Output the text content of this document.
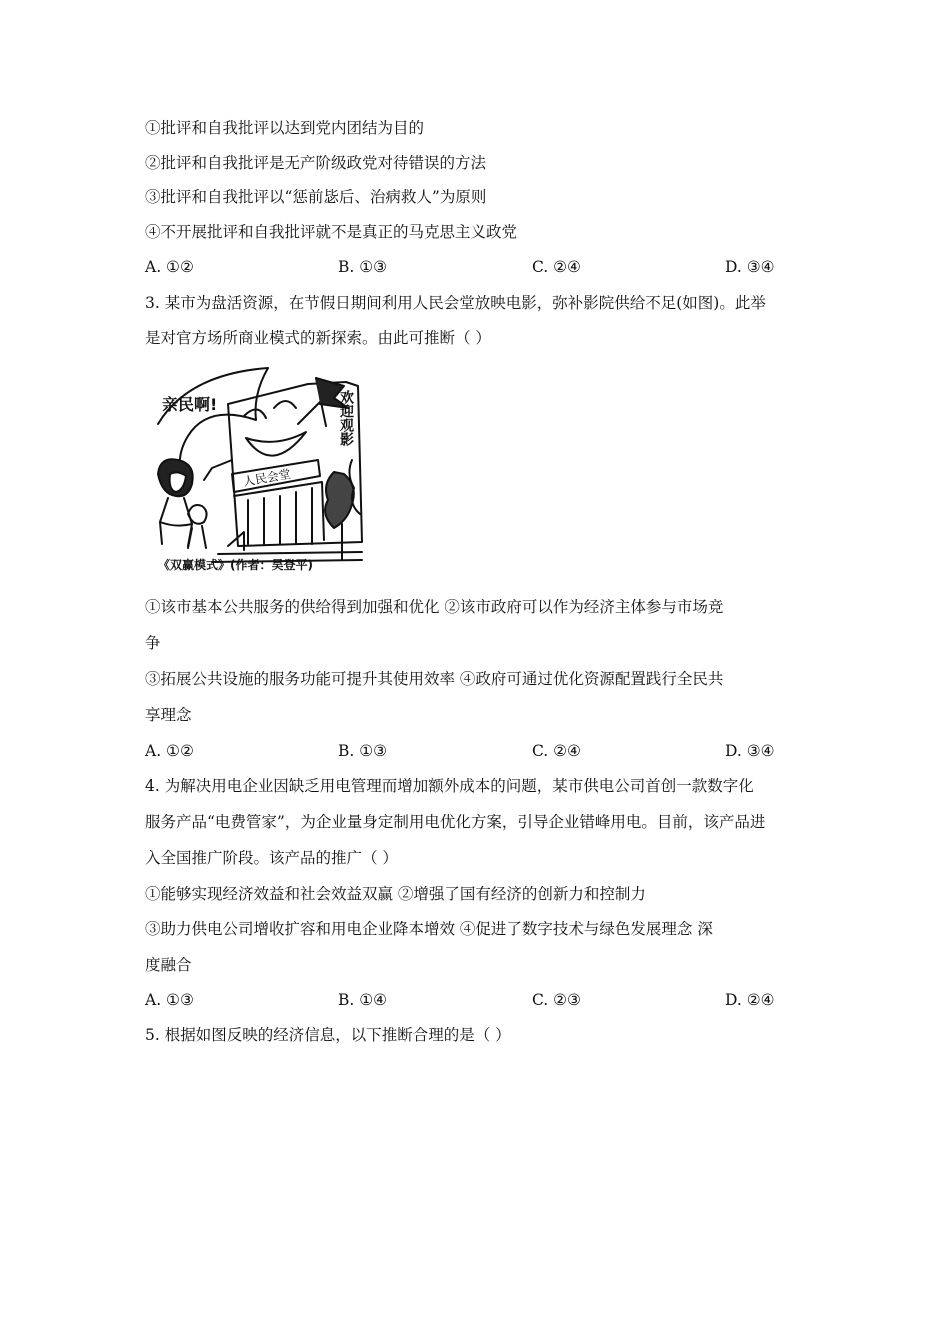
①批评和自我批评以达到党内团结为目的
②批评和自我批评是无产阶级政党对待错误的方法
③批评和自我批评以“惩前毖后、治病救人”为原则
④不开展批评和自我批评就不是真正的马克思主义政党
A. ①②	B. ①③	C. ②④	D. ③④
3. 某市为盘活资源，在节假日期间利用人民会堂放映电影，弥补影院供给不足(如图)。此举
是对官方场所商业模式的新探索。由此可推断（ ）
亲民啊!	欢迎观影
人民会堂
《双赢模式》(作者：吴登平)
①该市基本公共服务的供给得到加强和优化 ②该市政府可以作为经济主体参与市场竞
争
③拓展公共设施的服务功能可提升其使用效率 ④政府可通过优化资源配置践行全民共
享理念
A. ①②	B. ①③	C. ②④	D. ③④
4. 为解决用电企业因缺乏用电管理而增加额外成本的问题，某市供电公司首创一款数字化
服务产品“电费管家”，为企业量身定制用电优化方案，引导企业错峰用电。目前，该产品进
入全国推广阶段。该产品的推广（ ）
①能够实现经济效益和社会效益双赢 ②增强了国有经济的创新力和控制力
③助力供电公司增收扩容和用电企业降本增效 ④促进了数字技术与绿色发展理念 深
度融合
A. ①③	B. ①④	C. ②③	D. ②④
5. 根据如图反映的经济信息，以下推断合理的是（ ）
